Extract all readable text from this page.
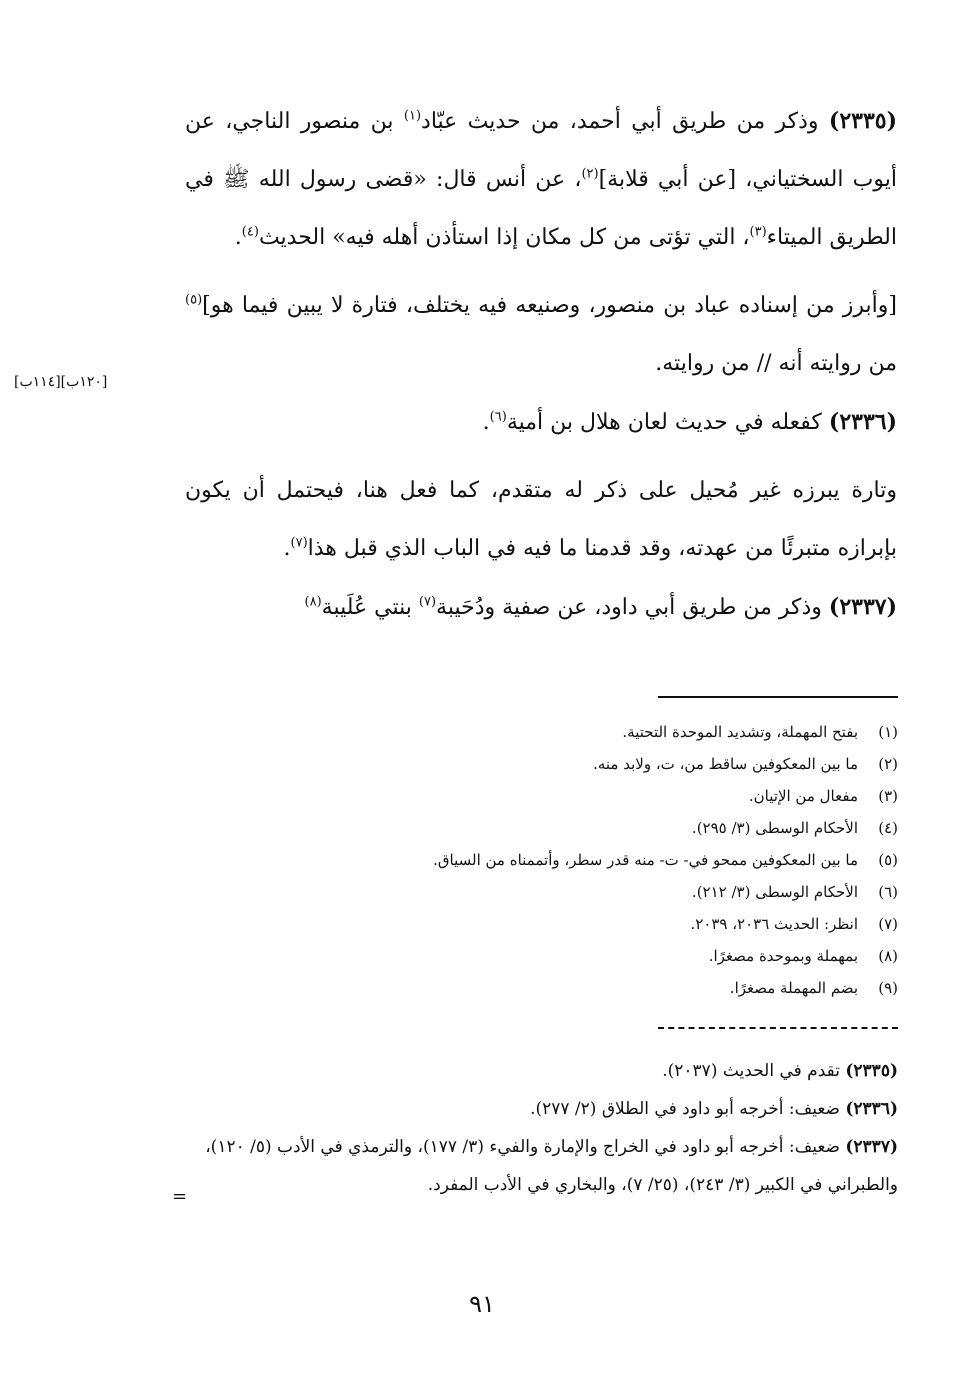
(٢٣٣٥) وذكر من طريق أبي أحمد، من حديث عبّاد$^{(١)}$ بن منصور الناجي، عن أيوب السختياني، [عن أبي قلابة]$^{(٢)}$، عن أنس قال: «قضى رسول الله ﷺ في الطريق الميتاء$^{(٣)}$، التي تؤتى من كل مكان إذا استأذن أهله فيه» الحديث$^{(٤)}$.

[وأبرز من إسناده عباد بن منصور، وصنيعه فيه يختلف، فتارة لا يبين فيما هو]$^{(٥)}$ من روايته أنه // من روايته.

(٢٣٣٦) كفعله في حديث لعان هلال بن أمية$^{(٦)}$.

وتارة يبرزه غير مُحيل على ذكر له متقدم، كما فعل هنا، فيحتمل أن يكون بإبرازه متبرئًا من عهدته، وقد قدمنا ما فيه في الباب الذي قبل هذا$^{(٧)}$.

(٢٣٣٧) وذكر من طريق أبي داود، عن صفية ودُحَيبة$^{(٧)}$ بنتي عُلَيبة$^{(٨)}$

[١٢٠ب][١١٤ب]
(١)
بفتح المهملة، وتشديد الموحدة التحتية.
(٢)
ما بين المعكوفين ساقط من، ت، ولابد منه.
(٣)
مفعال من الإتيان.
(٤)
الأحكام الوسطى (٣/ ٢٩٥).
(٥)
ما بين المعكوفين ممحو في- ت- منه قدر سطر، وأتممناه من السياق.
(٦)
الأحكام الوسطى (٣/ ٢١٢).
(٧)
انظر: الحديث ٢٠٣٦، ٢٠٣٩.
(٨)
بمهملة وبموحدة مصغرًا.
(٩)
بضم المهملة مصغرًا.

(٢٣٣٥) تقدم في الحديث (٢٠٣٧).

(٢٣٣٦) ضعيف: أخرجه أبو داود في الطلاق (٢/ ٢٧٧).

(٢٣٣٧) ضعيف: أخرجه أبو داود في الخراج والإمارة والفيء (٣/ ١٧٧)، والترمذي في الأدب (٥/ ١٢٠)، والطبراني في الكبير (٣/ ٢٤٣)، (٢٥/ ٧)، والبخاري في الأدب المفرد.

=
٩١
